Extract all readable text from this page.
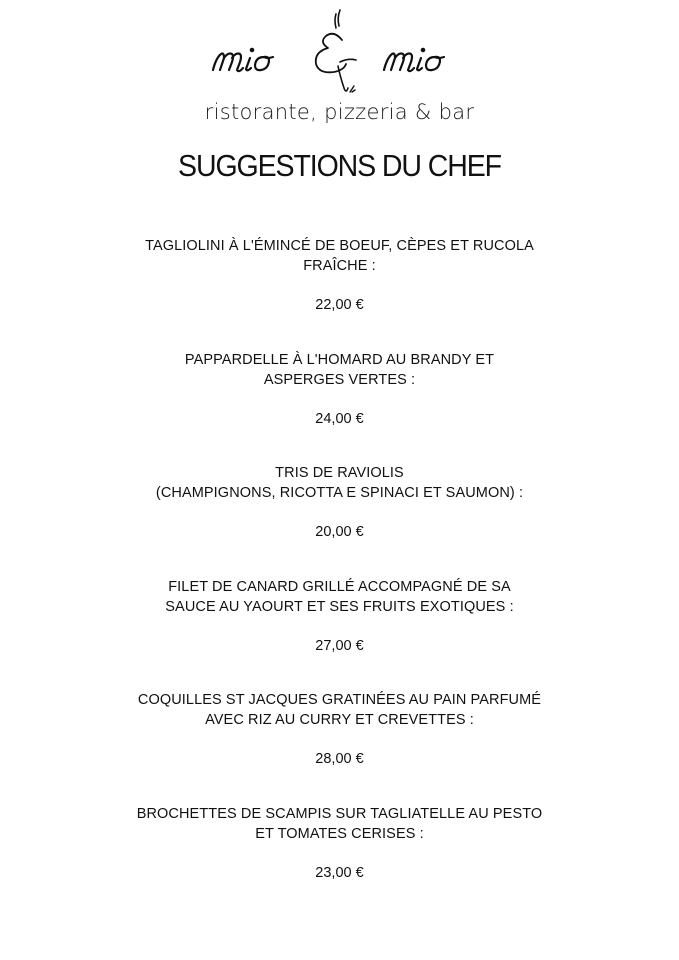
ristorante, pizzeria & bar
SUGGESTIONS DU CHEF
TAGLIOLINI À L'ÉMINCÉ DE BOEUF, CÈPES ET RUCOLA
FRAÎCHE :
22,00 €
PAPPARDELLE À L'HOMARD AU BRANDY ET
ASPERGES VERTES :
24,00 €
TRIS DE RAVIOLIS
(CHAMPIGNONS, RICOTTA E SPINACI ET SAUMON) :
20,00 €
FILET DE CANARD GRILLÉ ACCOMPAGNÉ DE SA
SAUCE AU YAOURT ET SES FRUITS EXOTIQUES :
27,00 €
COQUILLES ST JACQUES GRATINÉES AU PAIN PARFUMÉ
AVEC RIZ AU CURRY ET CREVETTES :
28,00 €
BROCHETTES DE SCAMPIS SUR TAGLIATELLE AU PESTO
ET TOMATES CERISES :
23,00 €
